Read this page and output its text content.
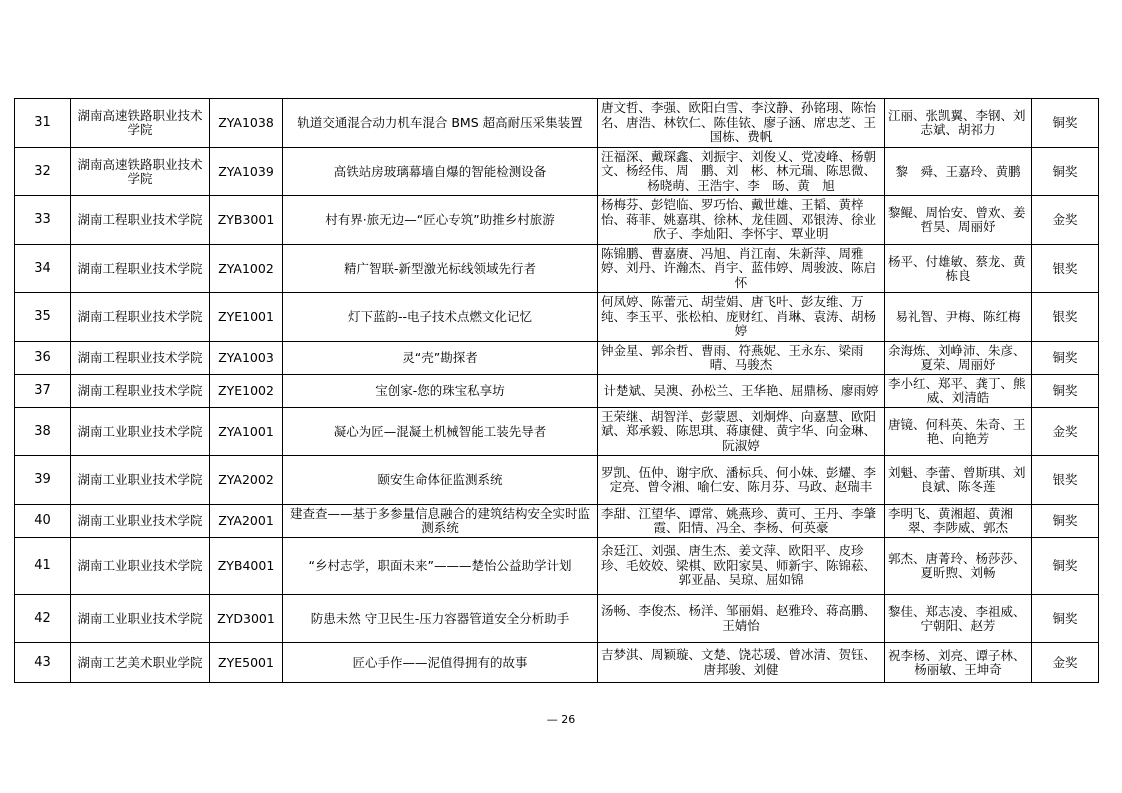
31	湖南高速铁路职业技术学院	ZYA1038	轨道交通混合动力机车混合 BMS 超高耐压采集装置	唐文哲、李强、欧阳白雪、李汶静、孙铭珝、陈怡名、唐浩、林钦仁、陈佳铱、廖子涵、席忠芝、王国栋、费帆	江丽、张凯翼、李钢、刘志斌、胡祁力	铜奖
32	湖南高速铁路职业技术学院	ZYA1039	高铁站房玻璃幕墙自爆的智能检测设备	汪福深、戴琛鑫、刘振宇、刘俊乂、党凌峰、杨朝文、杨经伟、周　鹏、刘　彬、林元瑞、陈思微、杨晓萌、王浩宇、李　旸、黄　旭	黎　舜、王嘉玲、黄鹏	铜奖
33	湖南工程职业技术学院	ZYB3001	村有界·旅无边—“匠心专筑”助推乡村旅游	杨梅芬、彭铠临、罗巧怡、戴世雄、王韬、黄梓怡、蒋菲、姚嘉琪、徐林、龙佳圆、邓银涛、徐业欣子、李灿阳、李怀宇、覃业明	黎鲲、周怡安、曾欢、姜哲昊、周丽妤	金奖
34	湖南工程职业技术学院	ZYA1002	精广智联-新型激光标线领域先行者	陈锦鹏、曹嘉赓、冯旭、肖江南、朱新萍、周雅婷、刘丹、许瀚杰、肖宇、蓝伟婷、周骏波、陈启怀	杨平、付雄敏、蔡龙、黄栋良	银奖
35	湖南工程职业技术学院	ZYE1001	灯下蓝韵--电子技术点燃文化记忆	何凤婷、陈蕾元、胡莹娟、唐飞叶、彭友维、万纯、李玉平、张松柏、庞财红、肖琳、袁涛、胡杨婷	易礼智、尹梅、陈红梅	银奖
36	湖南工程职业技术学院	ZYA1003	灵“壳”勘探者	钟金星、郭余哲、曹雨、符燕妮、王永东、梁雨晴、马骏杰	余海炼、刘峥沛、朱彦、夏荣、周丽妤	铜奖
37	湖南工程职业技术学院	ZYE1002	宝创家-您的珠宝私享坊	计楚斌、吴澳、孙松兰、王华艳、屈鼎杨、廖雨婷	李小红、郑平、龚丁、熊威、刘清皓	铜奖
38	湖南工业职业技术学院	ZYA1001	凝心为匠—混凝土机械智能工装先导者	王荣继、胡智洋、彭蒙恩、刘炯烨、向嘉慧、欧阳斌、郑承毅、陈思琪、蒋康健、黄宇华、向金琳、阮淑婷	唐镜、何科英、朱奇、王艳、向艳芳	金奖
39	湖南工业职业技术学院	ZYA2002	颐安生命体征监测系统	罗凯、伍仲、谢宇欣、潘标兵、何小妹、彭耀、李定亮、曾令湘、喻仁安、陈月芬、马政、赵瑞丰	刘魁、李蕾、曾斯琪、刘良斌、陈冬莲	银奖
40	湖南工业职业技术学院	ZYA2001	建查查——基于多参量信息融合的建筑结构安全实时监测系统	李甜、江望华、谭常、姚燕珍、黄可、王丹、李肇霞、阳情、冯全、李杨、何英豪	李明飞、黄湘超、黄湘翠、李陟威、郭杰	铜奖
41	湖南工业职业技术学院	ZYB4001	“乡村志学，职面未来”———楚怡公益助学计划	余廷江、刘强、唐生杰、姜文萍、欧阳平、皮珍珍、毛姣姣、梁棋、欧阳家昊、师新宇、陈锦菘、郭亚晶、吴琼、屈如锦	郭杰、唐菁玲、杨莎莎、夏昕煦、刘畅	铜奖
42	湖南工业职业技术学院	ZYD3001	防患未然 守卫民生-压力容器管道安全分析助手	汤畅、李俊杰、杨洋、邹丽娟、赵雅玲、蒋高鹏、王婧怡	黎佳、郑志凌、李祖威、宁朝阳、赵芳	铜奖
43	湖南工艺美术职业学院	ZYE5001	匠心手作——泥值得拥有的故事	吉梦淇、周颖璇、文楚、饶芯瑗、曾冰清、贺钰、唐邦骏、刘健	祝李杨、刘亮、谭子林、杨丽敏、王坤奇	金奖
— 26
